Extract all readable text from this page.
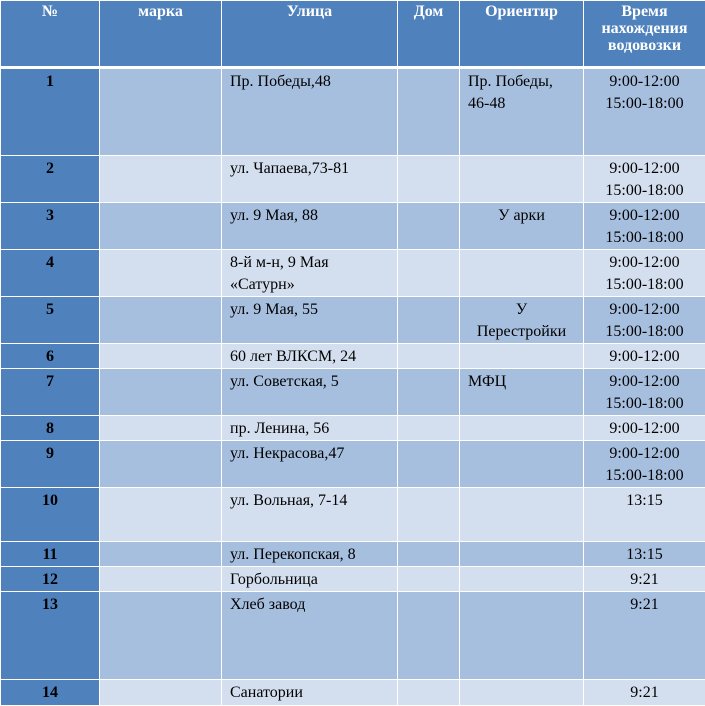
№	марка	Улица	Дом	Ориентир	Время
нахождения
водовозки

1		Пр. Победы,48		Пр. Победы,
46-48	9:00-12:00
15:00-18:00

2		ул. Чапаева,73-81			9:00-12:00
15:00-18:00

3		ул. 9 Мая, 88		У арки	9:00-12:00
15:00-18:00

4		8-й м-н, 9 Мая
«Сатурн»			9:00-12:00
15:00-18:00

5		ул. 9 Мая, 55		У
Перестройки	9:00-12:00
15:00-18:00

6		60 лет ВЛКСМ, 24			9:00-12:00

7		ул. Советская, 5		МФЦ	9:00-12:00
15:00-18:00

8		пр. Ленина, 56			9:00-12:00

9		ул. Некрасова,47			9:00-12:00
15:00-18:00

10		ул. Вольная, 7-14			13:15

11		ул. Перекопская, 8			13:15

12		Горбольница			9:21

13		Хлеб завод			9:21

14		Санатории			9:21
